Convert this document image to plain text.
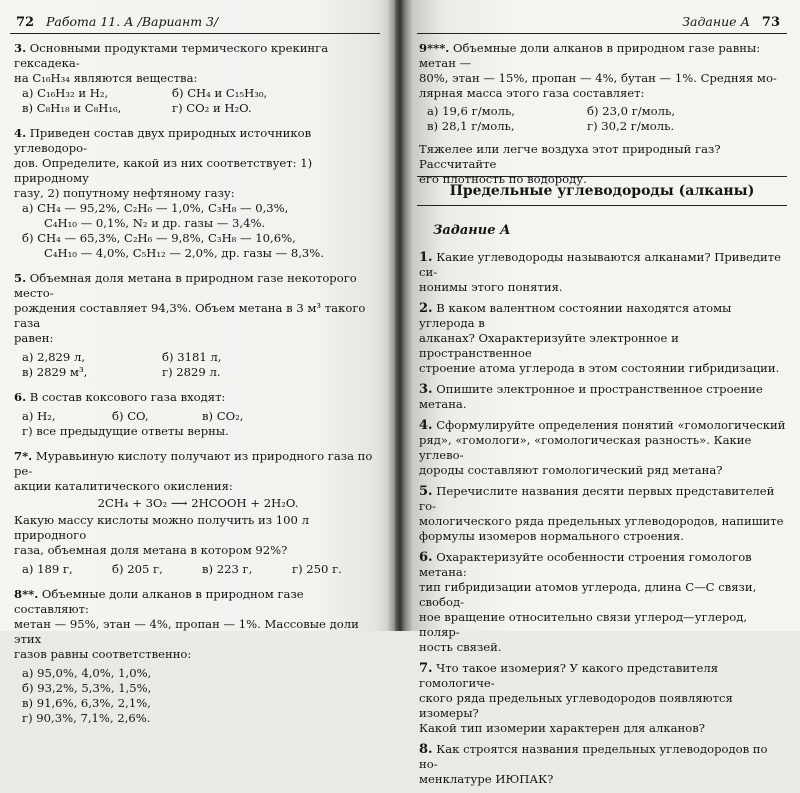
72 Работа 11. А /Вариант 3/
3. Основными продуктами термического крекинга гексадека-
на C₁₆H₃₄ являются вещества:
а) C₁₆H₃₂ и H₂,	б) CH₄ и C₁₅H₃₀,
в) C₈H₁₈ и C₈H₁₆,	г) CO₂ и H₂O.
4. Приведен состав двух природных источников углеводоро-
дов. Определите, какой из них соответствует: 1) природному
газу, 2) попутному нефтяному газу:
а) CH₄ — 95,2%, C₂H₆ — 1,0%, C₃H₈ — 0,3%,
C₄H₁₀ — 0,1%, N₂ и др. газы — 3,4%.
б) CH₄ — 65,3%, C₂H₆ — 9,8%, C₃H₈ — 10,6%,
C₄H₁₀ — 4,0%, C₅H₁₂ — 2,0%, др. газы — 8,3%.
5. Объемная доля метана в природном газе некоторого место-
рождения составляет 94,3%. Объем метана в 3 м³ такого газа
равен:
а) 2,829 л,	б) 3181 л,
в) 2829 м³,	г) 2829 л.
6. В состав коксового газа входят:
а) H₂,	б) CO,	в) CO₂,
г) все предыдущие ответы верны.
7*. Муравьиную кислоту получают из природного газа по ре-
акции каталитического окисления:
2CH₄ + 3O₂ ⟶ 2HCOOH + 2H₂O.
Какую массу кислоты можно получить из 100 л природного
газа, объемная доля метана в котором 92%?
а) 189 г,	б) 205 г,	в) 223 г,	г) 250 г.
8**. Объемные доли алканов в природном газе составляют:
метан — 95%, этан — 4%, пропан — 1%. Массовые доли этих
газов равны соответственно:
а) 95,0%, 4,0%, 1,0%,
б) 93,2%, 5,3%, 1,5%,
в) 91,6%, 6,3%, 2,1%,
г) 90,3%, 7,1%, 2,6%.
Задание А 73
9***. Объемные доли алканов в природном газе равны: метан —
80%, этан — 15%, пропан — 4%, бутан — 1%. Средняя мо-
лярная масса этого газа составляет:
а) 19,6 г/моль,	б) 23,0 г/моль,
в) 28,1 г/моль,	г) 30,2 г/моль.
Тяжелее или легче воздуха этот природный газ? Рассчитайте
его плотность по водороду.
Предельные углеводороды (алканы)
Задание А
1. Какие углеводороды называются алканами? Приведите си-
нонимы этого понятия.
2. В каком валентном состоянии находятся атомы углерода в
алканах? Охарактеризуйте электронное и пространственное
строение атома углерода в этом состоянии гибридизации.
3. Опишите электронное и пространственное строение метана.
4. Сформулируйте определения понятий «гомологический
ряд», «гомологи», «гомологическая разность». Какие углево-
дороды составляют гомологический ряд метана?
5. Перечислите названия десяти первых представителей го-
мологического ряда предельных углеводородов, напишите
формулы изомеров нормального строения.
6. Охарактеризуйте особенности строения гомологов метана:
тип гибридизации атомов углерода, длина C—C связи, свобод-
ное вращение относительно связи углерод—углерод, поляр-
ность связей.
7. Что такое изомерия? У какого представителя гомологиче-
ского ряда предельных углеводородов появляются изомеры?
Какой тип изомерии характерен для алканов?
8. Как строятся названия предельных углеводородов по но-
менклатуре ИЮПАК?
